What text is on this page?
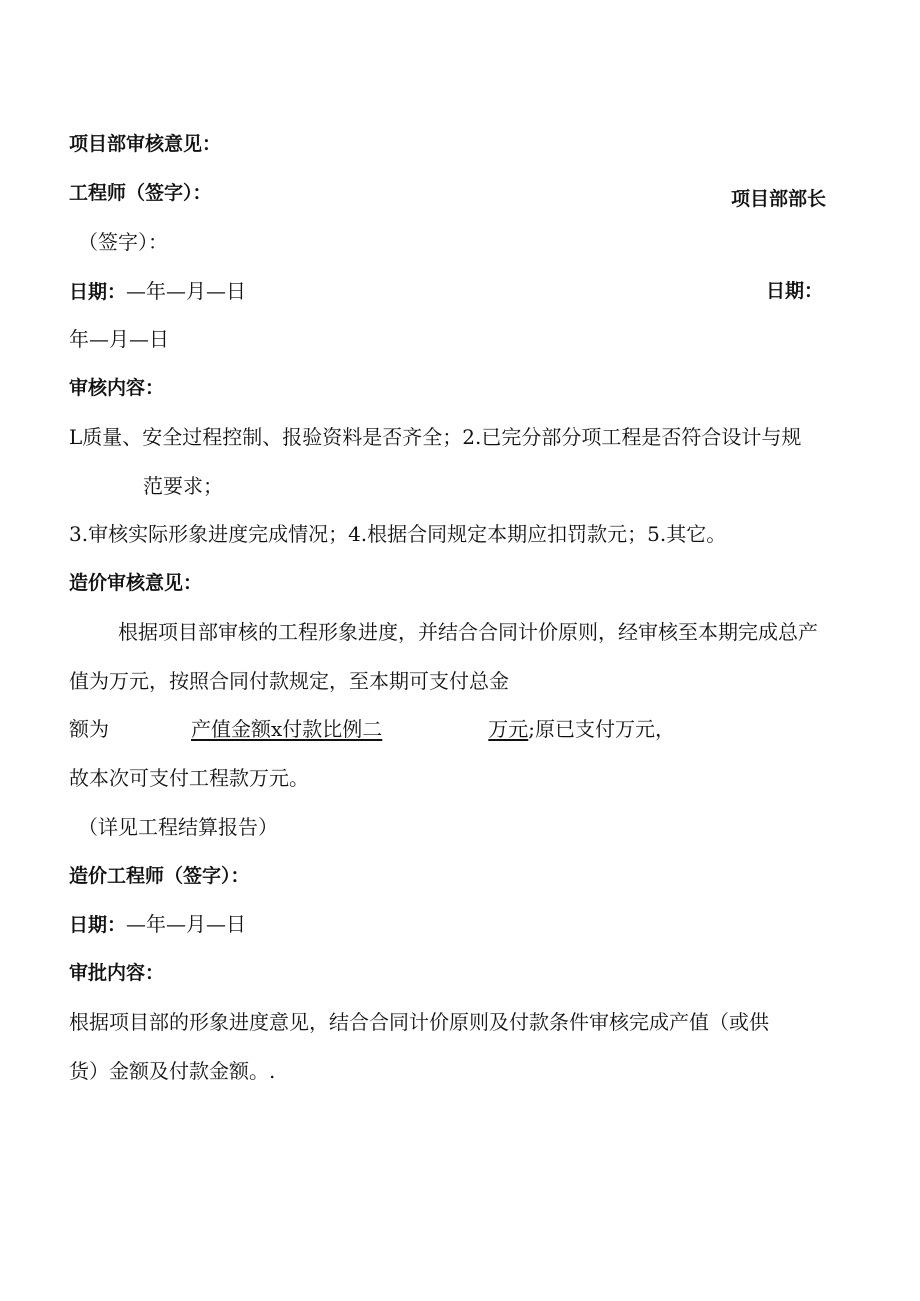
项目部审核意见：
工程师（签字）：	项目部部长
（签字）：
日期：—年—月—日	日期：
年—月—日
审核内容：
L质量、安全过程控制、报验资料是否齐全；2.已完分部分项工程是否符合设计与规
范要求；
3.审核实际形象进度完成情况；4.根据合同规定本期应扣罚款元；5.其它。
造价审核意见：
根据项目部审核的工程形象进度，并结合合同计价原则，经审核至本期完成总产
值为万元，按照合同付款规定，至本期可支付总金
额为	产值金额x付款比例二	万元;原已支付万元，
故本次可支付工程款万元。
（详见工程结算报告）
造价工程师（签字）：
日期：—年—月—日
审批内容：
根据项目部的形象进度意见，结合合同计价原则及付款条件审核完成产值（或供
货）金额及付款金额。.
